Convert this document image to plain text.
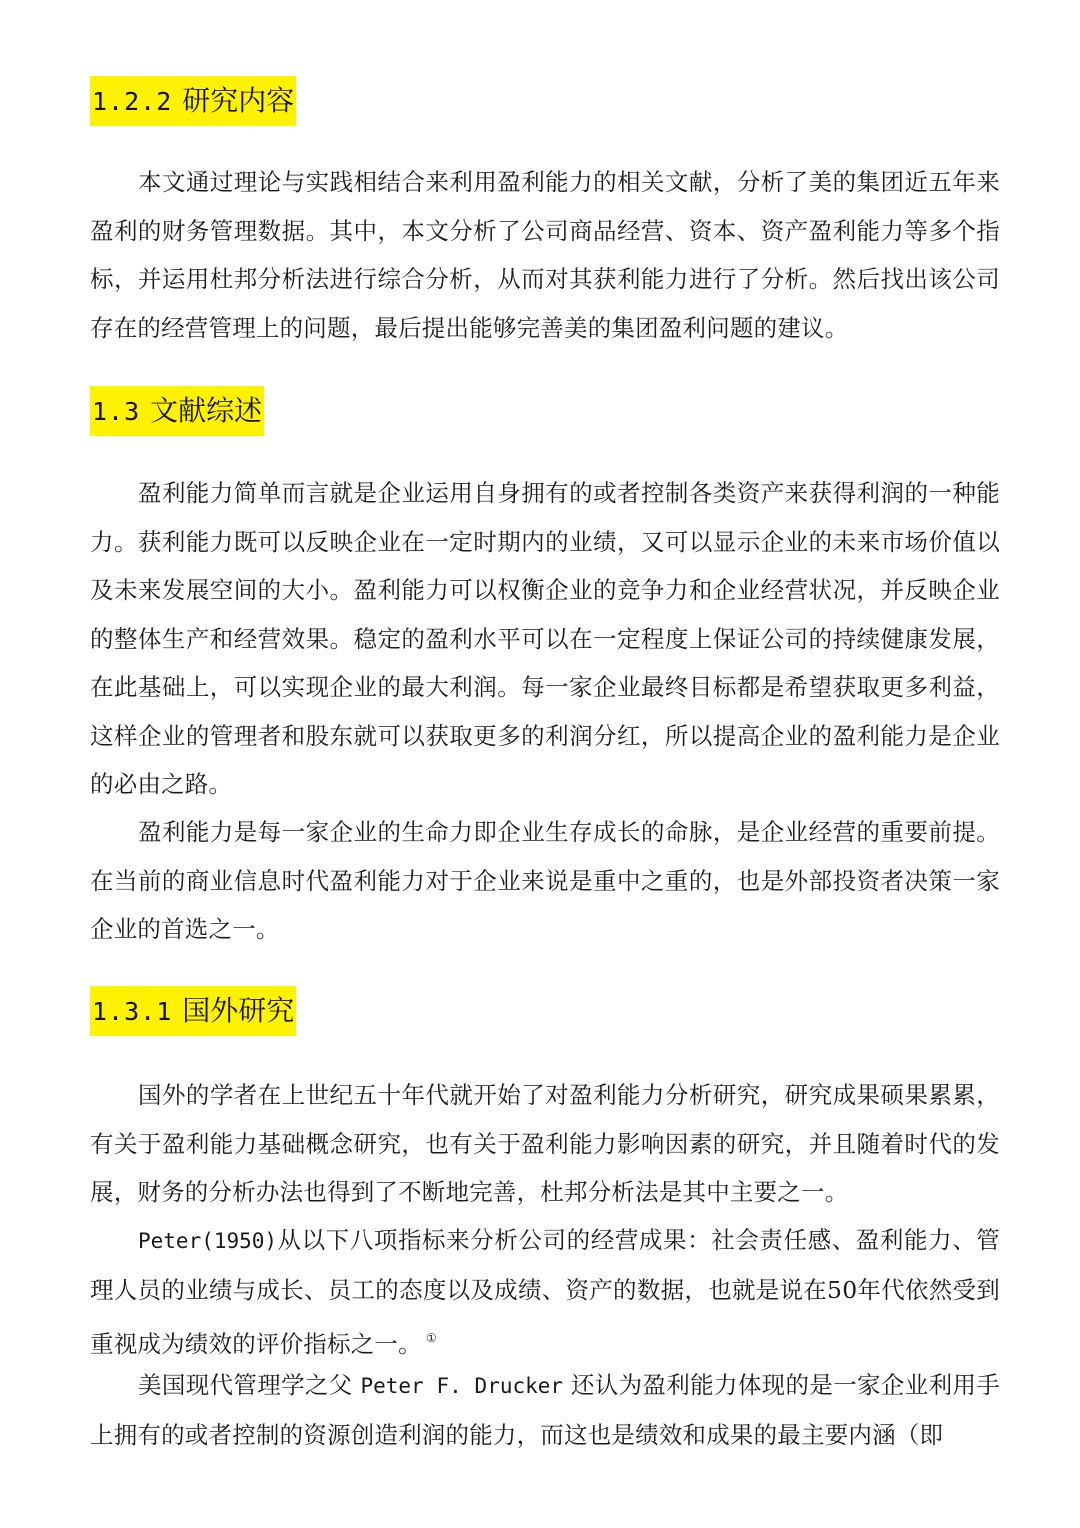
1.2.2 研究内容

本文通过理论与实践相结合来利用盈利能力的相关文献，分析了美的集团近五年来盈利的财务管理数据。其中，本文分析了公司商品经营、资本、资产盈利能力等多个指标，并运用杜邦分析法进行综合分析，从而对其获利能力进行了分析。然后找出该公司存在的经营管理上的问题，最后提出能够完善美的集团盈利问题的建议。

1.3 文献综述

盈利能力简单而言就是企业运用自身拥有的或者控制各类资产来获得利润的一种能力。获利能力既可以反映企业在一定时期内的业绩，又可以显示企业的未来市场价值以及未来发展空间的大小。盈利能力可以权衡企业的竞争力和企业经营状况，并反映企业的整体生产和经营效果。稳定的盈利水平可以在一定程度上保证公司的持续健康发展，在此基础上，可以实现企业的最大利润。每一家企业最终目标都是希望获取更多利益，这样企业的管理者和股东就可以获取更多的利润分红，所以提高企业的盈利能力是企业的必由之路。

盈利能力是每一家企业的生命力即企业生存成长的命脉，是企业经营的重要前提。在当前的商业信息时代盈利能力对于企业来说是重中之重的，也是外部投资者决策一家企业的首选之一。

1.3.1 国外研究

国外的学者在上世纪五十年代就开始了对盈利能力分析研究，研究成果硕果累累，有关于盈利能力基础概念研究，也有关于盈利能力影响因素的研究，并且随着时代的发展，财务的分析办法也得到了不断地完善，杜邦分析法是其中主要之一。

Peter(1950)从以下八项指标来分析公司的经营成果：社会责任感、盈利能力、管理人员的业绩与成长、员工的态度以及成绩、资产的数据，也就是说在50年代依然受到重视成为绩效的评价指标之一。 ①

美国现代管理学之父 Peter F. Drucker 还认为盈利能力体现的是一家企业利用手上拥有的或者控制的资源创造利润的能力，而这也是绩效和成果的最主要内涵（即
